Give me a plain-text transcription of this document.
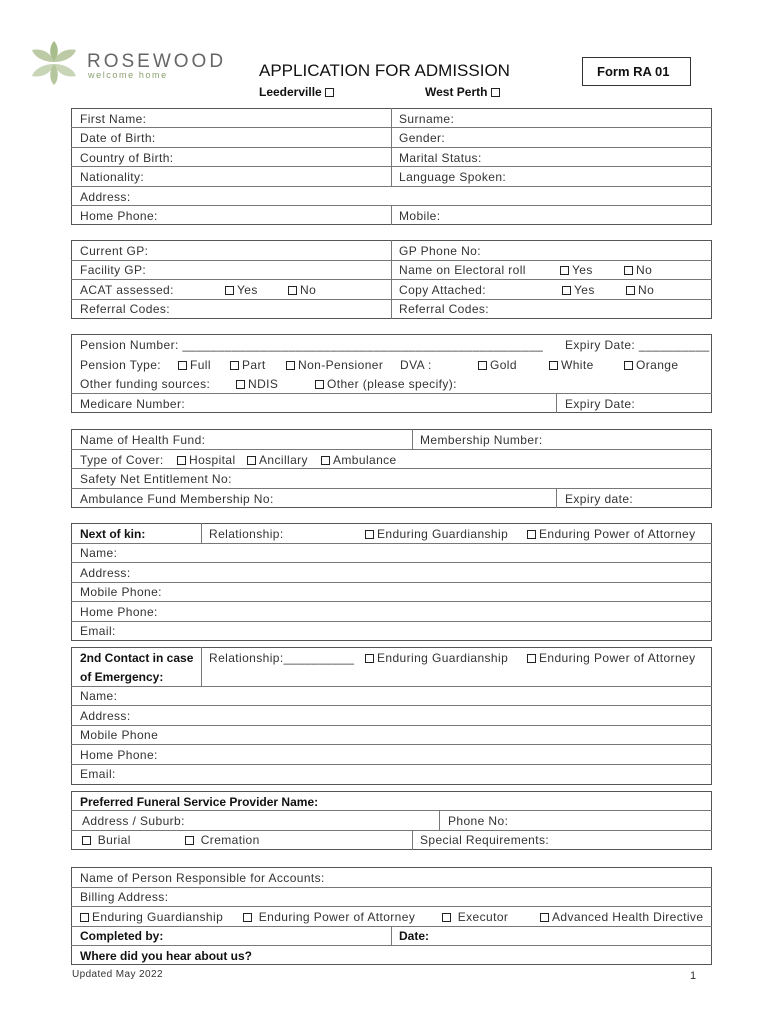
ROSEWOOD
welcome home	APPLICATION FOR ADMISSION
Leederville	West Perth
Form RA 01
First Name:	Surname:
Date of Birth:	Gender:
Country of Birth:	Marital Status:
Nationality:	Language Spoken:
Address:
Home Phone:	Mobile:
Current GP:	GP Phone No:
Facility GP:	Name on Electoral roll	Yes	No
ACAT assessed:	Yes	No	Copy Attached:	Yes	No
Referral Codes:	Referral Codes:
Pension Number: ___________________________________________________ Expiry Date: __________
Pension Type:	Full	Part	Non-Pensioner DVA :	Gold	White	Orange
Other funding sources:	NDIS	Other (please specify):
Medicare Number:	Expiry Date:
Name of Health Fund:	Membership Number:
Type of Cover:	Hospital	Ancillary	Ambulance
Safety Net Entitlement No:
Ambulance Fund Membership No:	Expiry date:
Next of kin:	Relationship:	Enduring Guardianship	Enduring Power of Attorney
Name:
Address:
Mobile Phone:
Home Phone:
Email:
2nd Contact in case
of Emergency:
Relationship:__________	Enduring Guardianship	Enduring Power of Attorney
Name:
Address:
Mobile Phone
Home Phone:
Email:
Preferred Funeral Service Provider Name:
Address / Suburb:	Phone No:
Burial	Cremation	Special Requirements:
Name of Person Responsible for Accounts:
Billing Address:
Enduring Guardianship	Enduring Power of Attorney	Executor	Advanced Health Directive
Completed by:	Date:
Where did you hear about us?
Updated May 2022	1
